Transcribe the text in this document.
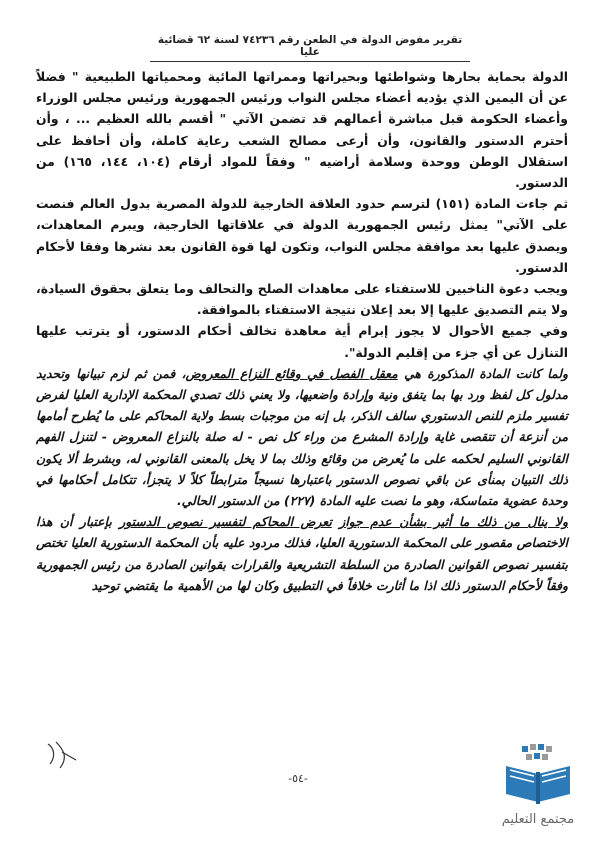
تقرير مفوض الدولة في الطعن رقم ٧٤٢٣٦ لسنة ٦٢ قضائية عليا

الدولة بحماية بحارها وشواطئها وبحيراتها وممراتها المائية ومحمياتها الطبيعية " فضلاً عن أن اليمين الذي يؤديه أعضاء مجلس النواب ورئيس الجمهورية ورئيس مجلس الوزراء وأعضاء الحكومة قبل مباشرة أعمالهم قد تضمن الآتي " أقسم بالله العظيم ... ، وأن أحترم الدستور والقانون، وأن أرعى مصالح الشعب رعاية كاملة، وأن أحافظ على استقلال الوطن ووحدة وسلامة أراضيه " وفقاً للمواد أرقام (١٠٤، ١٤٤، ١٦٥) من الدستور.

ثم جاءت المادة (١٥١) لترسم حدود العلاقة الخارجية للدولة المصرية بدول العالم فنصت على الآتي" يمثل رئيس الجمهورية الدولة في علاقاتها الخارجية، ويبرم المعاهدات، ويصدق عليها بعد موافقة مجلس النواب، وتكون لها قوة القانون بعد نشرها وفقا لأحكام الدستور.

ويجب دعوة الناخبين للاستفتاء على معاهدات الصلح والتحالف وما يتعلق بحقوق السيادة، ولا يتم التصديق عليها إلا بعد إعلان نتيجة الاستفتاء بالموافقة.

وفي جميع الأحوال لا يجوز إبرام أية معاهدة تخالف أحكام الدستور، أو يترتب عليها التنازل عن أي جزء من إقليم الدولة".

ولما كانت المادة المذكورة هي معقل الفصل في وقائع النزاع المعروض، فمن ثم لزم تبيانها وتحديد مدلول كل لفظ ورد بها بما يتفق ونية وإرادة واضعيها، ولا يعني ذلك تصدي المحكمة الإدارية العليا لفرض تفسير ملزم للنص الدستوري سالف الذكر، بل إنه من موجبات بسط ولاية المحاكم على ما يُطرح أمامها من أنزعة أن تتقصى غاية وإرادة المشرع من وراء كل نص - له صلة بالنزاع المعروض - لتنزل الفهم القانوني السليم لحكمه على ما يُعرض من وقائع وذلك بما لا يخل بالمعنى القانوني له، وبشرط ألا يكون ذلك التبيان بمنأى عن باقي نصوص الدستور باعتبارها نسيجاً مترابطاً كلاً لا يتجزأ، تتكامل أحكامها في وحدة عضوية متماسكة، وهو ما نصت عليه المادة (٢٢٧) من الدستور الحالي.

ولا ينال من ذلك ما أثير بشأن عدم جواز تعرض المحاكم لتفسير نصوص الدستور بإعتبار أن هذا الاختصاص مقصور على المحكمة الدستورية العليا، فذلك مردود عليه بأن المحكمة الدستورية العليا تختص بتفسير نصوص القوانين الصادرة من السلطة التشريعية والقرارات بقوانين الصادرة من رئيس الجمهورية وفقاً لأحكام الدستور ذلك اذا ما أثارت خلافاً في التطبيق وكان لها من الأهمية ما يقتضي توحيد

-٥٤-
مجتمع التعليم
